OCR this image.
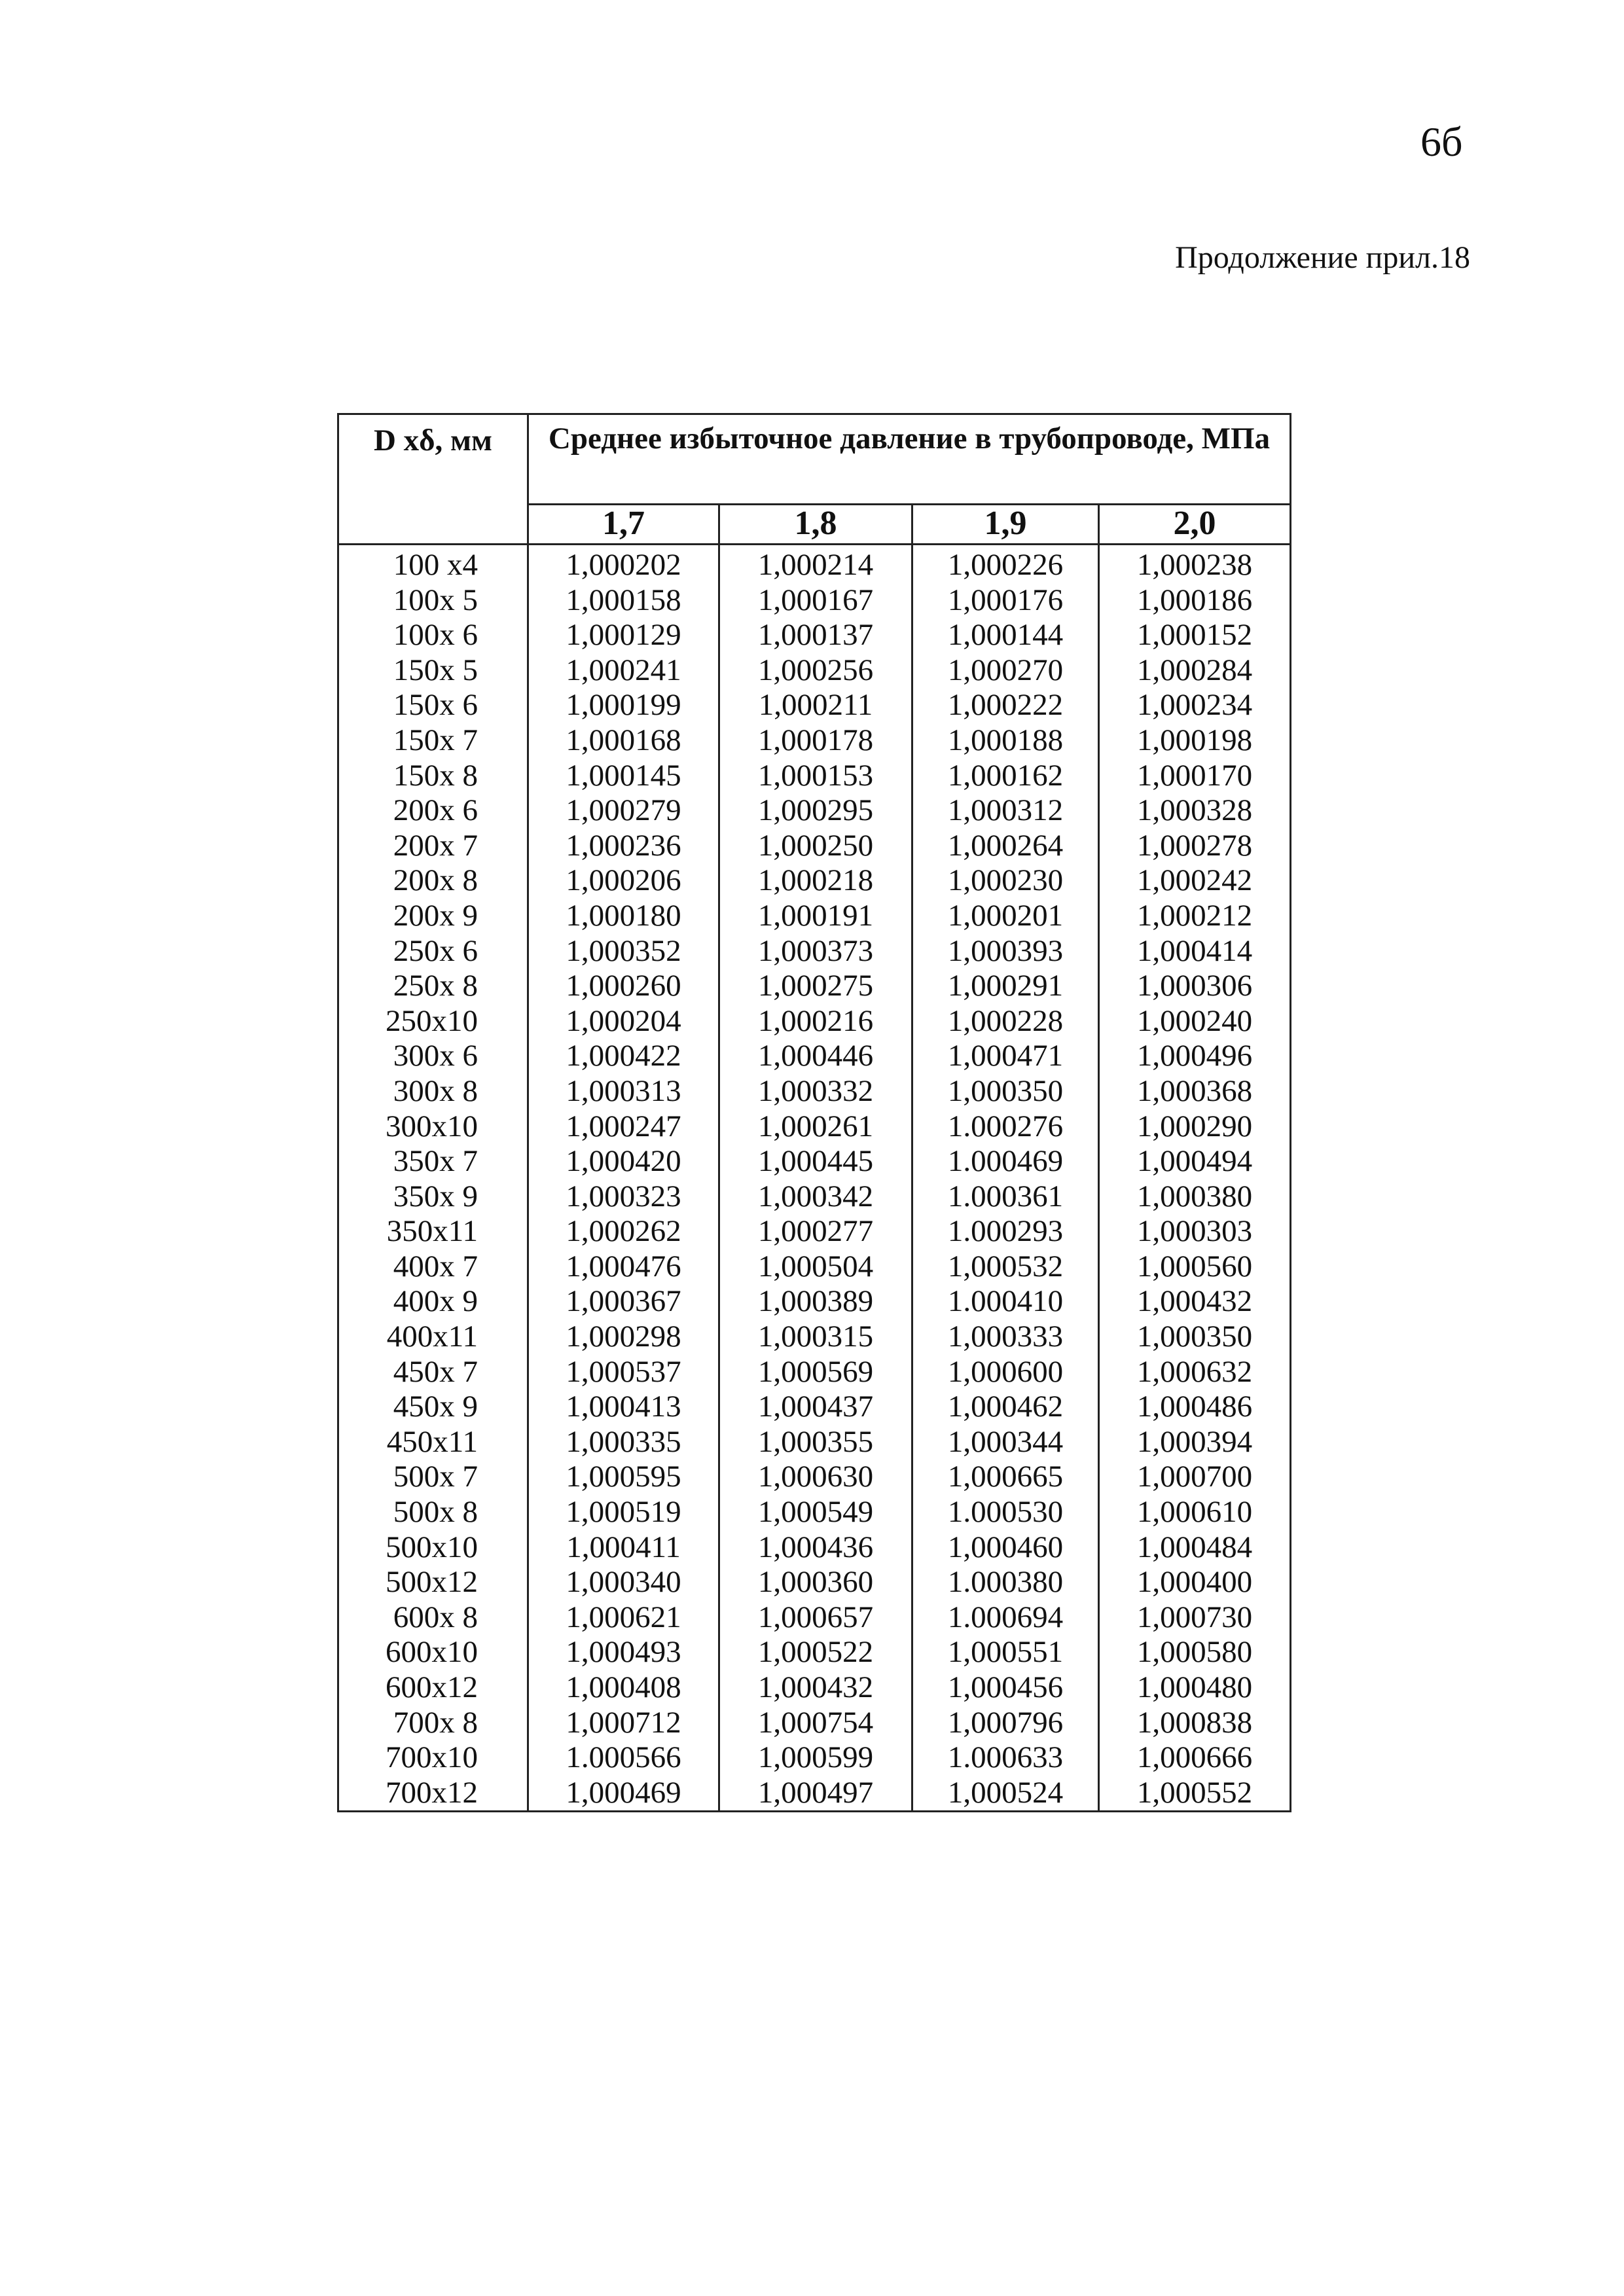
6б
Продолжение прил.18
D xδ, мм	Среднее избыточное давление в трубопроводе, МПа			
	1,7	1,8	1,9	2,0
100 x4	1,000202	1,000214	1,000226	1,000238
100x 5	1,000158	1,000167	1,000176	1,000186
100x 6	1,000129	1,000137	1,000144	1,000152
150x 5	1,000241	1,000256	1,000270	1,000284
150x 6	1,000199	1,000211	1,000222	1,000234
150x 7	1,000168	1,000178	1,000188	1,000198
150x 8	1,000145	1,000153	1,000162	1,000170
200x 6	1,000279	1,000295	1,000312	1,000328
200x 7	1,000236	1,000250	1,000264	1,000278
200x 8	1,000206	1,000218	1,000230	1,000242
200x 9	1,000180	1,000191	1,000201	1,000212
250x 6	1,000352	1,000373	1,000393	1,000414
250x 8	1,000260	1,000275	1,000291	1,000306
250x10	1,000204	1,000216	1,000228	1,000240
300x 6	1,000422	1,000446	1,000471	1,000496
300x 8	1,000313	1,000332	1,000350	1,000368
300x10	1,000247	1,000261	1.000276	1,000290
350x 7	1,000420	1,000445	1.000469	1,000494
350x 9	1,000323	1,000342	1.000361	1,000380
350x11	1,000262	1,000277	1.000293	1,000303
400x 7	1,000476	1,000504	1,000532	1,000560
400x 9	1,000367	1,000389	1.000410	1,000432
400x11	1,000298	1,000315	1,000333	1,000350
450x 7	1,000537	1,000569	1,000600	1,000632
450x 9	1,000413	1,000437	1,000462	1,000486
450x11	1,000335	1,000355	1,000344	1,000394
500x 7	1,000595	1,000630	1,000665	1,000700
500x 8	1,000519	1,000549	1.000530	1,000610
500x10	1,000411	1,000436	1,000460	1,000484
500x12	1,000340	1,000360	1.000380	1,000400
600x 8	1,000621	1,000657	1.000694	1,000730
600x10	1,000493	1,000522	1,000551	1,000580
600x12	1,000408	1,000432	1,000456	1,000480
700x 8	1,000712	1,000754	1,000796	1,000838
700x10	1.000566	1,000599	1.000633	1,000666
700x12	1,000469	1,000497	1,000524	1,000552
